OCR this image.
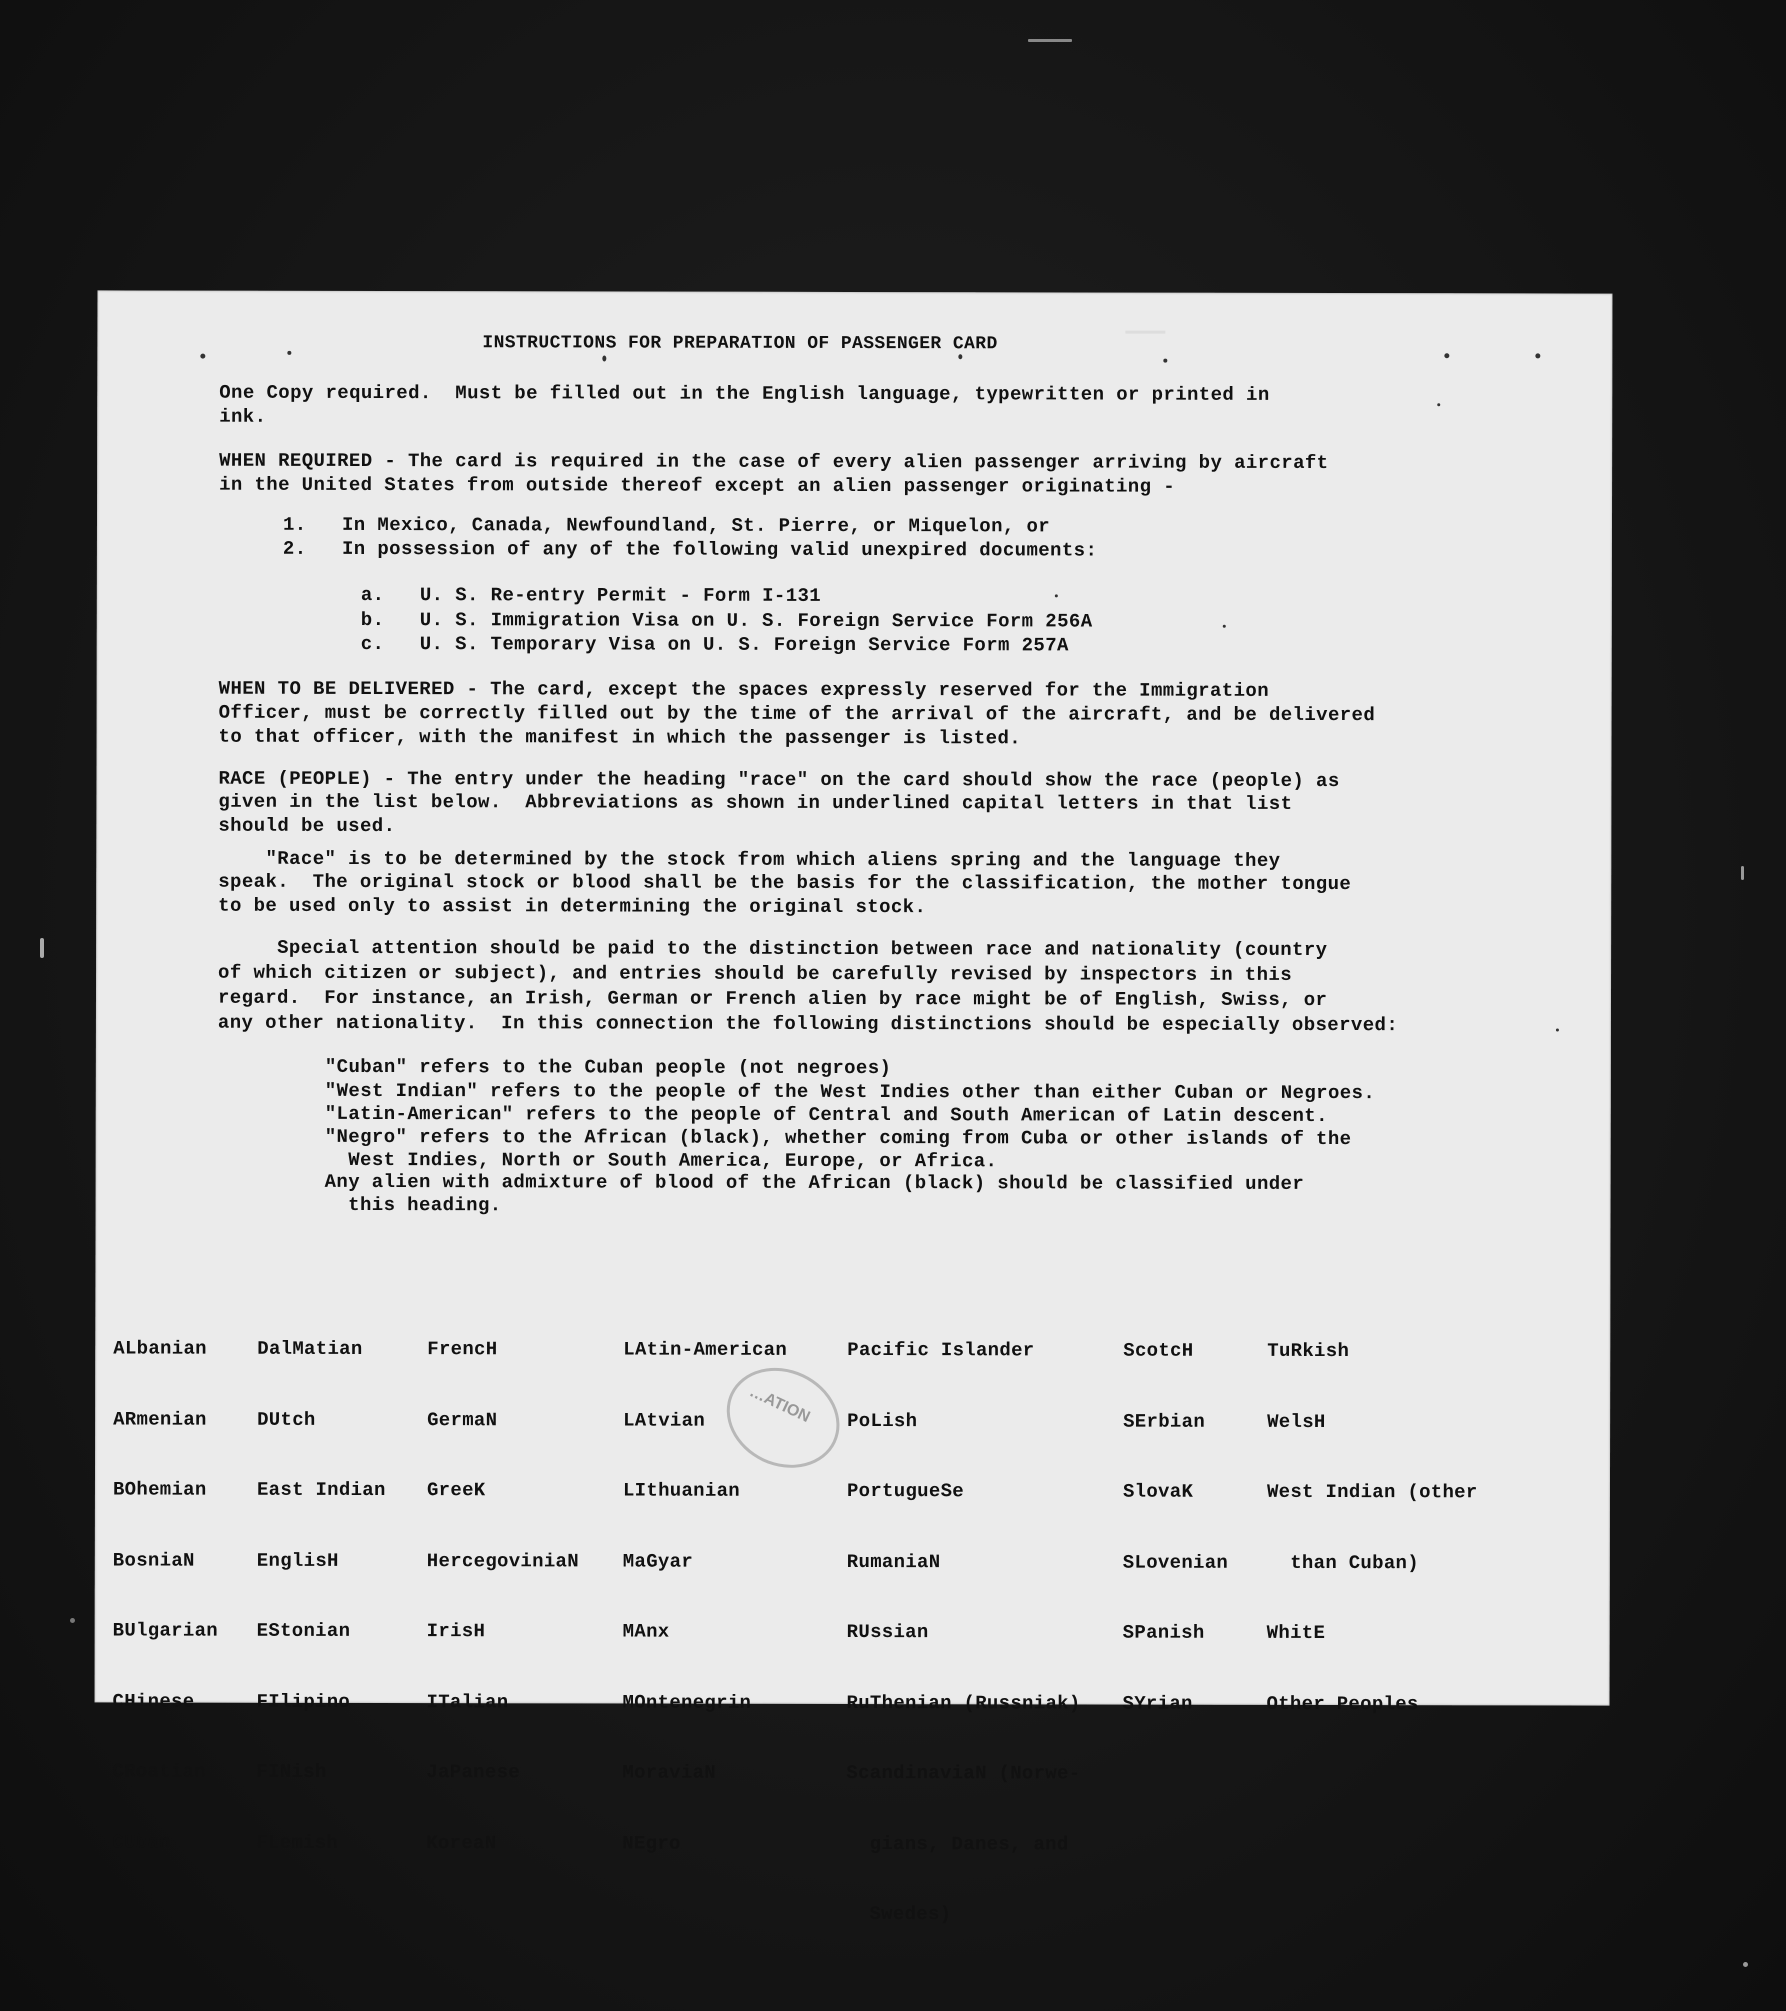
INSTRUCTIONS FOR PREPARATION OF PASSENGER CARD
One Copy required.  Must be filled out in the English language, typewritten or printed in
ink.
WHEN REQUIRED - The card is required in the case of every alien passenger arriving by aircraft
in the United States from outside thereof except an alien passenger originating -
1.   In Mexico, Canada, Newfoundland, St. Pierre, or Miquelon, or
2.   In possession of any of the following valid unexpired documents:
a.   U. S. Re-entry Permit - Form I-131
b.   U. S. Immigration Visa on U. S. Foreign Service Form 256A
c.   U. S. Temporary Visa on U. S. Foreign Service Form 257A
WHEN TO BE DELIVERED - The card, except the spaces expressly reserved for the Immigration
Officer, must be correctly filled out by the time of the arrival of the aircraft, and be delivered
to that officer, with the manifest in which the passenger is listed.
RACE (PEOPLE) - The entry under the heading "race" on the card should show the race (people) as
given in the list below.  Abbreviations as shown in underlined capital letters in that list
should be used.
"Race" is to be determined by the stock from which aliens spring and the language they
speak.  The original stock or blood shall be the basis for the classification, the mother tongue
to be used only to assist in determining the original stock.
Special attention should be paid to the distinction between race and nationality (country
of which citizen or subject), and entries should be carefully revised by inspectors in this
regard.  For instance, an Irish, German or French alien by race might be of English, Swiss, or
any other nationality.  In this connection the following distinctions should be especially observed:
"Cuban" refers to the Cuban people (not negroes)
"West Indian" refers to the people of the West Indies other than either Cuban or Negroes.
"Latin-American" refers to the people of Central and South American of Latin descent.
"Negro" refers to the African (black), whether coming from Cuba or other islands of the
West Indies, North or South America, Europe, or Africa.
Any alien with admixture of blood of the African (black) should be classified under
this heading.

ALbanian

ARmenian

BOhemian

BosniaN

BUlgarian

CHinese

CRoatian

CUban

DalMatian

DUtch

East Indian

EnglisH

EStonian

FIlipino

FINish

FLemish

FrencH

GermaN

GreeK

HercegoviniaN

IrisH

ITalian

JaPanese

KoreaN

LAtin-American

LAtvian

LIthuanian

MaGyar

MAnx

MOntenegrin

MoraviaN

NEgro

Pacific Islander

PoLish

PortugueSe

RumaniaN

RUssian

RuThenian (Russniak)

ScandinaviaN (Norwe-

gians, Danes, and

Swedes)

ScotcH

SErbian

SlovaK

SLovenian

SPanish

SYrian

TuRkish

WelsH

West Indian (other

than Cuban)

WhitE

Other Peoples

…ATION
